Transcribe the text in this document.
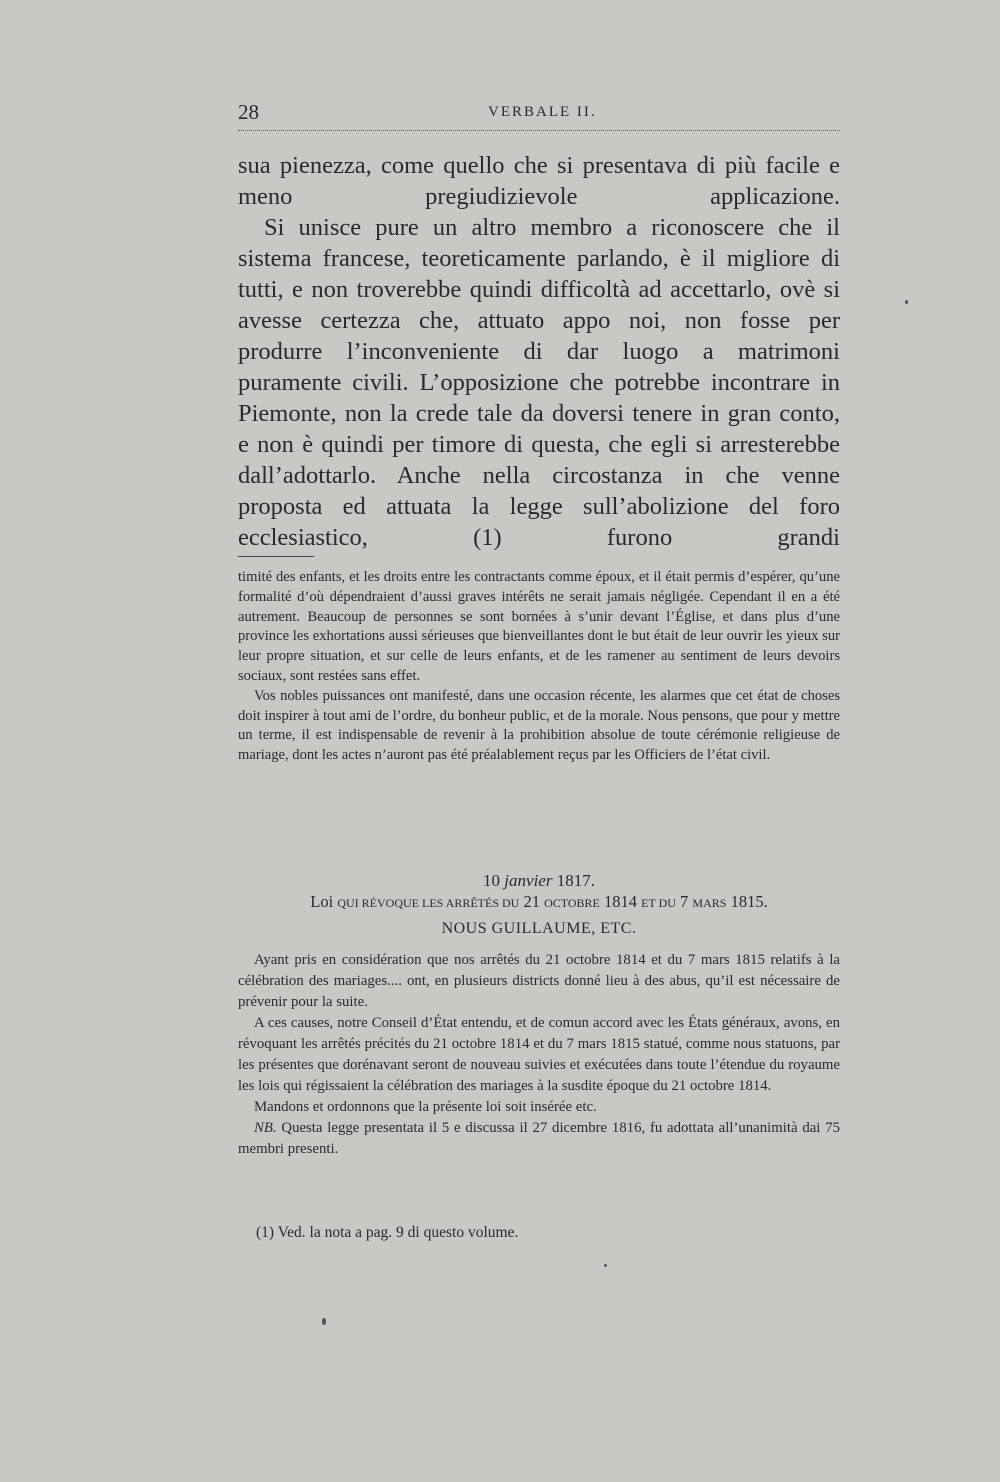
28	VERBALE II.

sua pienezza, come quello che si presentava di più facile e meno pregiudizievole applicazione.

Si unisce pure un altro membro a riconoscere che il sistema francese, teoreticamente parlando, è il migliore di tutti, e non troverebbe quindi difficoltà ad accettarlo, ovè si avesse certezza che, attuato appo noi, non fosse per produrre l’inconveniente di dar luogo a matrimoni puramente civili. L’opposizione che potrebbe incontrare in Piemonte, non la crede tale da doversi tenere in gran conto, e non è quindi per timore di questa, che egli si arresterebbe dall’adottarlo. Anche nella circostanza in che venne proposta ed attuata la legge sull’abolizione del foro ecclesiastico, (1) furono grandi

timité des enfants, et les droits entre les contractants comme époux, et il était permis d’espérer, qu’une formalité d’où dépendraient d’aussi graves intérêts ne serait jamais négligée. Cependant il en a été autrement. Beaucoup de personnes se sont bornées à s’unir devant l’Église, et dans plus d’une province les exhortations aussi sérieuses que bienveillantes dont le but était de leur ouvrir les yieux sur leur propre situation, et sur celle de leurs enfants, et de les ramener au sentiment de leurs devoirs sociaux, sont restées sans effet.

Vos nobles puissances ont manifesté, dans une occasion récente, les alarmes que cet état de choses doit inspirer à tout ami de l’ordre, du bonheur public, et de la morale. Nous pensons, que pour y mettre un terme, il est indispensable de revenir à la prohibition absolue de toute cérémonie religieuse de mariage, dont les actes n’auront pas été préalablement reçus par les Officiers de l’état civil.

10 janvier 1817.
Loi QUI RÉVOQUE LES ARRÊTÉS DU 21 OCTOBRE 1814 ET DU 7 MARS 1815.
NOUS GUILLAUME, ETC.

Ayant pris en considération que nos arrêtés du 21 octobre 1814 et du 7 mars 1815 relatifs à la célébration des mariages.... ont, en plusieurs districts donné lieu à des abus, qu’il est nécessaire de prévenir pour la suite.

A ces causes, notre Conseil d’État entendu, et de comun accord avec les États généraux, avons, en révoquant les arrêtés précités du 21 octobre 1814 et du 7 mars 1815 statué, comme nous statuons, par les présentes que dorénavant seront de nouveau suivies et exécutées dans toute l’étendue du royaume les lois qui régissaient la célébration des mariages à la susdite époque du 21 octobre 1814.

Mandons et ordonnons que la présente loi soit insérée etc.

NB. Questa legge presentata il 5 e discussa il 27 dicembre 1816, fu adottata all’unanimità dai 75 membri presenti.

(1) Ved. la nota a pag. 9 di questo volume.
